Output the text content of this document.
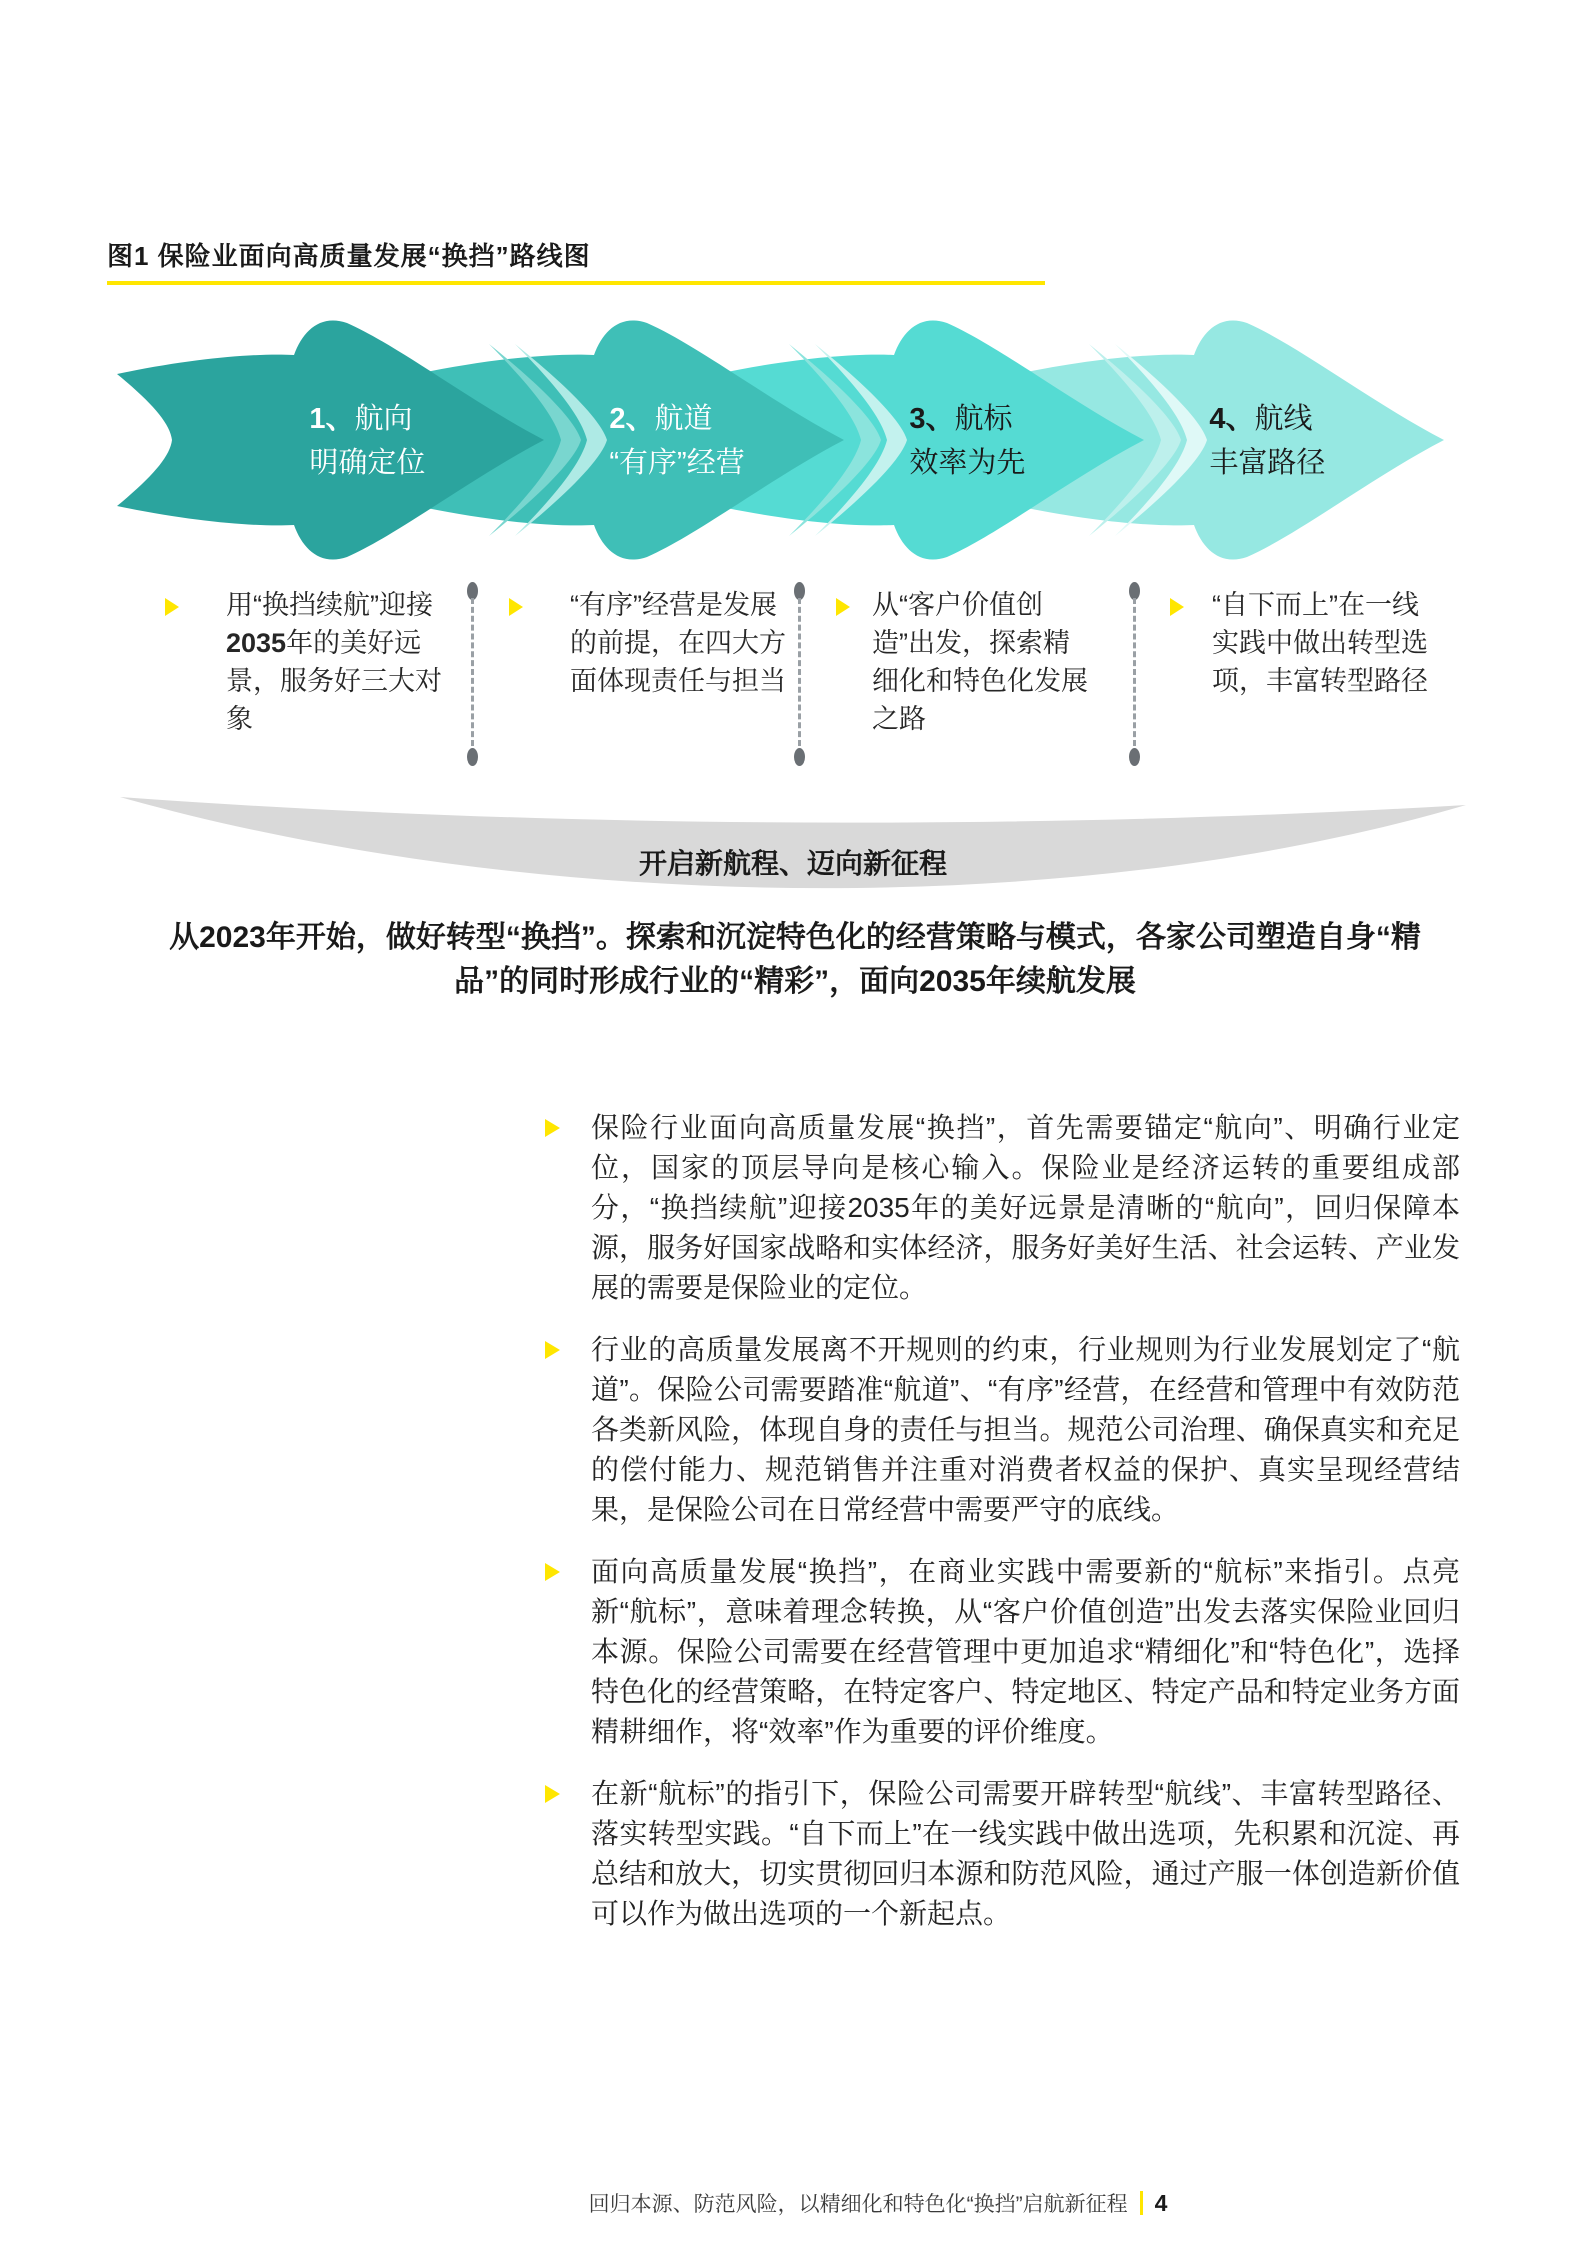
图1 保险业面向高质量发展“换挡”路线图
1、航向
明确定位
2、航道
“有序”经营
3、航标
效率为先
4、航线
丰富路径
用“换挡续航”迎接2035年的美好远景，服务好三大对象
“有序”经营是发展的前提，在四大方面体现责任与担当
从“客户价值创造”出发，探索精细化和特色化发展之路
“自下而上”在一线实践中做出转型选项，丰富转型路径
开启新航程、迈向新征程
从2023年开始，做好转型“换挡”。探索和沉淀特色化的经营策略与模式，各家公司塑造自身“精品”的同时形成行业的“精彩”，面向2035年续航发展
保险行业面向高质量发展“换挡”，首先需要锚定“航向”、明确行业定位，国家的顶层导向是核心输入。保险业是经济运转的重要组成部分，“换挡续航”迎接2035年的美好远景是清晰的“航向”，回归保障本源，服务好国家战略和实体经济，服务好美好生活、社会运转、产业发展的需要是保险业的定位。
行业的高质量发展离不开规则的约束，行业规则为行业发展划定了“航道”。保险公司需要踏准“航道”、“有序”经营，在经营和管理中有效防范各类新风险，体现自身的责任与担当。规范公司治理、确保真实和充足的偿付能力、规范销售并注重对消费者权益的保护、真实呈现经营结果，是保险公司在日常经营中需要严守的底线。
面向高质量发展“换挡”，在商业实践中需要新的“航标”来指引。点亮新“航标”，意味着理念转换，从“客户价值创造”出发去落实保险业回归本源。保险公司需要在经营管理中更加追求“精细化”和“特色化”，选择特色化的经营策略，在特定客户、特定地区、特定产品和特定业务方面精耕细作，将“效率”作为重要的评价维度。
在新“航标”的指引下，保险公司需要开辟转型“航线”、丰富转型路径、落实转型实践。“自下而上”在一线实践中做出选项，先积累和沉淀、再总结和放大，切实贯彻回归本源和防范风险，通过产服一体创造新价值可以作为做出选项的一个新起点。
回归本源、防范风险，以精细化和特色化“换挡”启航新征程 4
